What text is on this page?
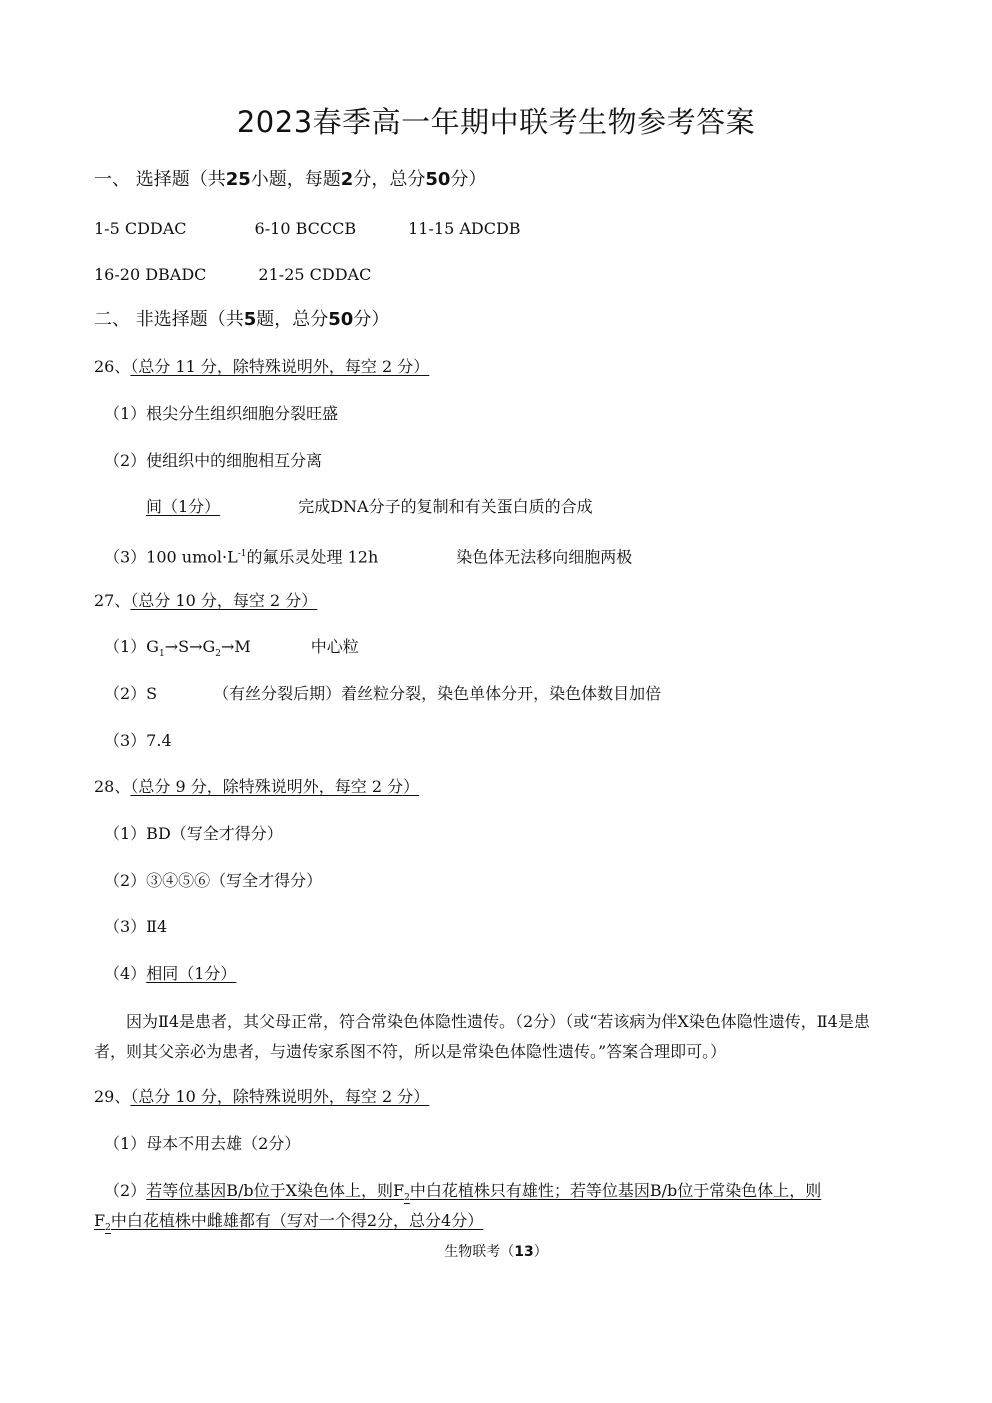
2023春季高一年期中联考生物参考答案
一、 选择题（共25小题，每题2分，总分50分）
1-5 CDDAC	6-10 BCCCB	11-15 ADCDB
16-20 DBADC	21-25 CDDAC
二、 非选择题（共5题，总分50分）
26、（总分 11 分，除特殊说明外，每空 2 分）
（1）根尖分生组织细胞分裂旺盛
（2）使组织中的细胞相互分离
间（1分）	完成DNA分子的复制和有关蛋白质的合成
（3）100 $umol\cdot L^{-1}$的氟乐灵处理 12h	染色体无法移向细胞两极
27、（总分 10 分，每空 2 分）
$(1)G_1\to S\to G_2\to M$	中心粒
（2）S	（有丝分裂后期）着丝粒分裂，染色单体分开，染色体数目加倍
（3）7.4
28、（总分 9 分，除特殊说明外，每空 2 分）
（1）BD（写全才得分）
（2）③④⑤⑥（写全才得分）
（3）Ⅱ4
（4）相同（1分）
因为Ⅱ4是患者，其父母正常，符合常染色体隐性遗传。（2分）（或“若该病为伴X染色体隐性遗传，Ⅱ4是患者，则其父亲必为患者，与遗传家系图不符，所以是常染色体隐性遗传。”答案合理即可。）
29、（总分 10 分，除特殊说明外，每空 2 分）
（1）母本不用去雄（2分）
（2）若等位基因B/b位于X染色体上，则$F_2$中白花植株只有雄性；若等位基因B/b位于常染色体上，则
$F_2$中白花植株中雌雄都有（写对一个得2分，总分4分）
生物联考（13）
